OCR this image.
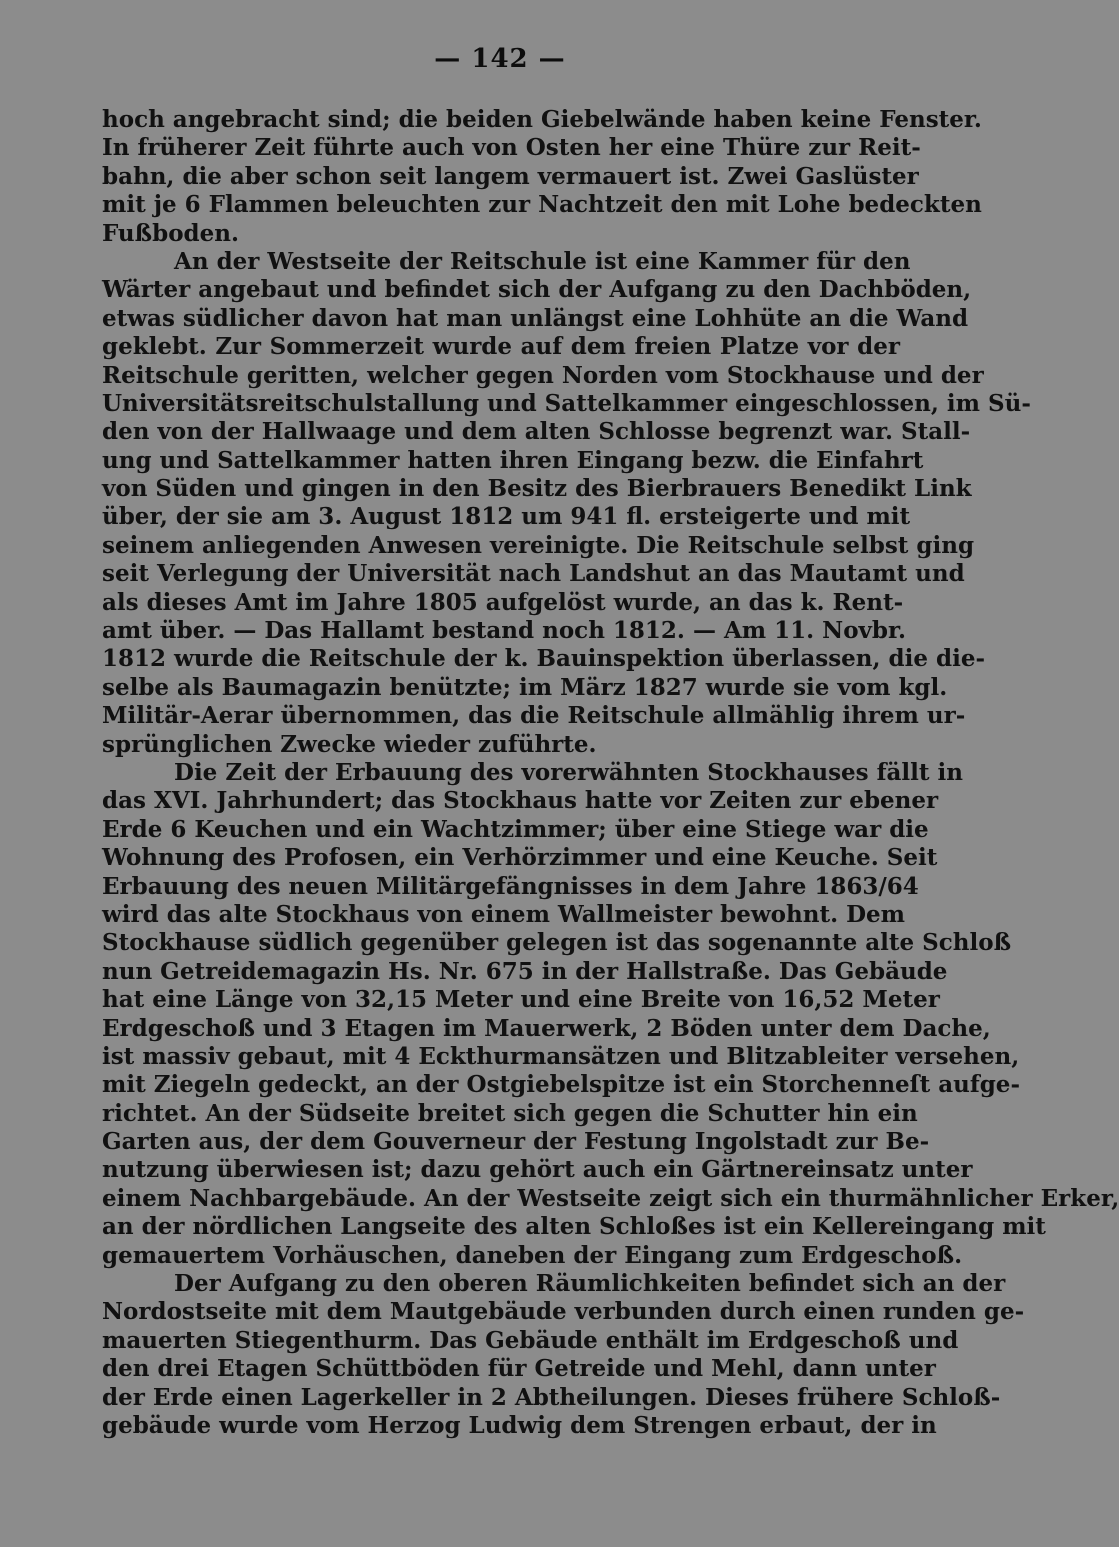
— 142 —
hoch angebracht sind; die beiden Giebelwände haben keine Fenster.
In früherer Zeit führte auch von Osten her eine Thüre zur Reit-
bahn, die aber schon seit langem vermauert ist. Zwei Gaslüster
mit je 6 Flammen beleuchten zur Nachtzeit den mit Lohe bedeckten
Fußboden.
An der Westseite der Reitschule ist eine Kammer für den
Wärter angebaut und befindet sich der Aufgang zu den Dachböden,
etwas südlicher davon hat man unlängst eine Lohhüte an die Wand
geklebt. Zur Sommerzeit wurde auf dem freien Platze vor der
Reitschule geritten, welcher gegen Norden vom Stockhause und der
Universitätsreitschulstallung und Sattelkammer eingeschlossen, im Sü-
den von der Hallwaage und dem alten Schlosse begrenzt war. Stall-
ung und Sattelkammer hatten ihren Eingang bezw. die Einfahrt
von Süden und gingen in den Besitz des Bierbrauers Benedikt Link
über, der sie am 3. August 1812 um 941 fl. ersteigerte und mit
seinem anliegenden Anwesen vereinigte. Die Reitschule selbst ging
seit Verlegung der Universität nach Landshut an das Mautamt und
als dieses Amt im Jahre 1805 aufgelöst wurde, an das k. Rent-
amt über. — Das Hallamt bestand noch 1812. — Am 11. Novbr.
1812 wurde die Reitschule der k. Bauinspektion überlassen, die die-
selbe als Baumagazin benützte; im März 1827 wurde sie vom kgl.
Militär-Aerar übernommen, das die Reitschule allmählig ihrem ur-
sprünglichen Zwecke wieder zuführte.
Die Zeit der Erbauung des vorerwähnten Stockhauses fällt in
das XVI. Jahrhundert; das Stockhaus hatte vor Zeiten zur ebener
Erde 6 Keuchen und ein Wachtzimmer; über eine Stiege war die
Wohnung des Profosen, ein Verhörzimmer und eine Keuche. Seit
Erbauung des neuen Militärgefängnisses in dem Jahre 1863/64
wird das alte Stockhaus von einem Wallmeister bewohnt. Dem
Stockhause südlich gegenüber gelegen ist das sogenannte alte Schloß
nun Getreidemagazin Hs. Nr. 675 in der Hallstraße. Das Gebäude
hat eine Länge von 32,15 Meter und eine Breite von 16,52 Meter
Erdgeschoß und 3 Etagen im Mauerwerk, 2 Böden unter dem Dache,
ist massiv gebaut, mit 4 Eckthurmansätzen und Blitzableiter versehen,
mit Ziegeln gedeckt, an der Ostgiebelspitze ist ein Storchenneſt aufge-
richtet. An der Südseite breitet sich gegen die Schutter hin ein
Garten aus, der dem Gouverneur der Festung Ingolstadt zur Be-
nutzung überwiesen ist; dazu gehört auch ein Gärtnereinsatz unter
einem Nachbargebäude. An der Westseite zeigt sich ein thurmähnlicher Erker,
an der nördlichen Langseite des alten Schloßes ist ein Kellereingang mit
gemauertem Vorhäuschen, daneben der Eingang zum Erdgeschoß.
Der Aufgang zu den oberen Räumlichkeiten befindet sich an der
Nordostseite mit dem Mautgebäude verbunden durch einen runden ge-
mauerten Stiegenthurm. Das Gebäude enthält im Erdgeschoß und
den drei Etagen Schüttböden für Getreide und Mehl, dann unter
der Erde einen Lagerkeller in 2 Abtheilungen. Dieses frühere Schloß-
gebäude wurde vom Herzog Ludwig dem Strengen erbaut, der in
